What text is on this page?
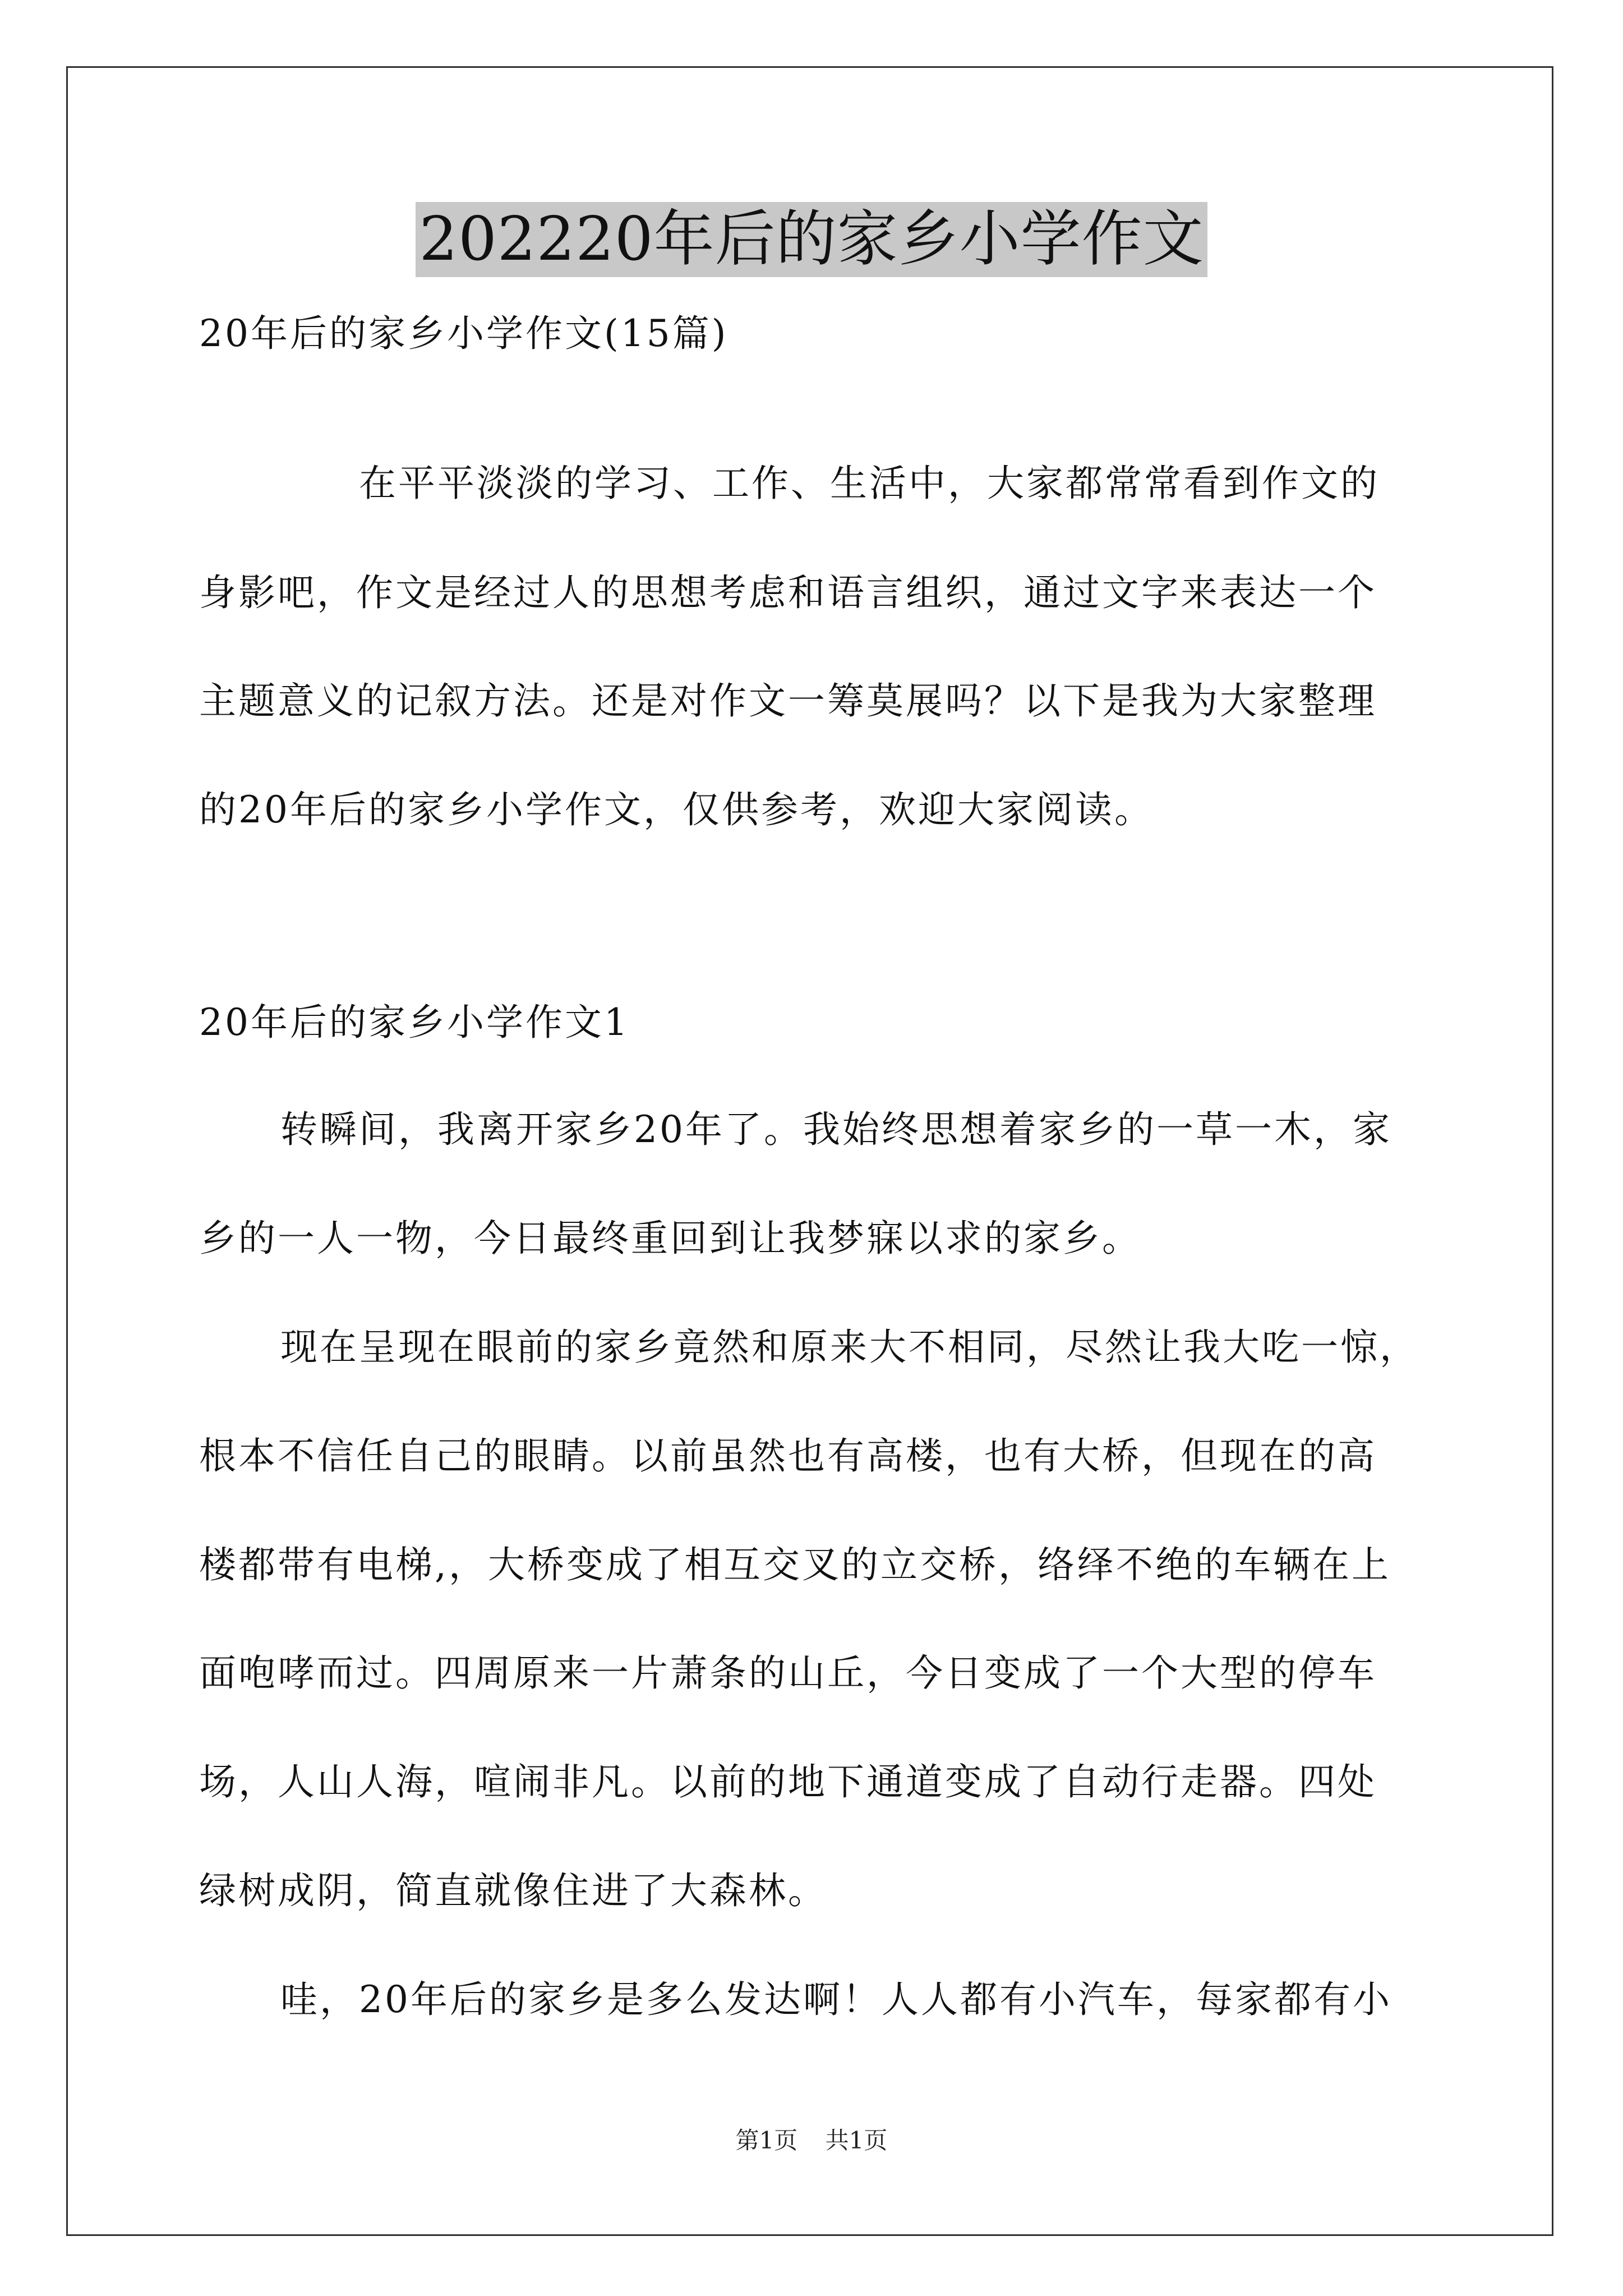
202220年后的家乡小学作文
20年后的家乡小学作文(15篇)
在平平淡淡的学习、工作、生活中，大家都常常看到作文的
身影吧，作文是经过人的思想考虑和语言组织，通过文字来表达一个
主题意义的记叙方法。还是对作文一筹莫展吗？以下是我为大家整理
的20年后的家乡小学作文，仅供参考，欢迎大家阅读。
20年后的家乡小学作文1
转瞬间，我离开家乡20年了。我始终思想着家乡的一草一木，家
乡的一人一物，今日最终重回到让我梦寐以求的家乡。
现在呈现在眼前的家乡竟然和原来大不相同，尽然让我大吃一惊，
根本不信任自己的眼睛。以前虽然也有高楼，也有大桥，但现在的高
楼都带有电梯,，大桥变成了相互交叉的立交桥，络绎不绝的车辆在上
面咆哮而过。四周原来一片萧条的山丘，今日变成了一个大型的停车
场，人山人海，喧闹非凡。以前的地下通道变成了自动行走器。四处
绿树成阴，简直就像住进了大森林。
哇，20年后的家乡是多么发达啊！人人都有小汽车，每家都有小
第1页 共1页
